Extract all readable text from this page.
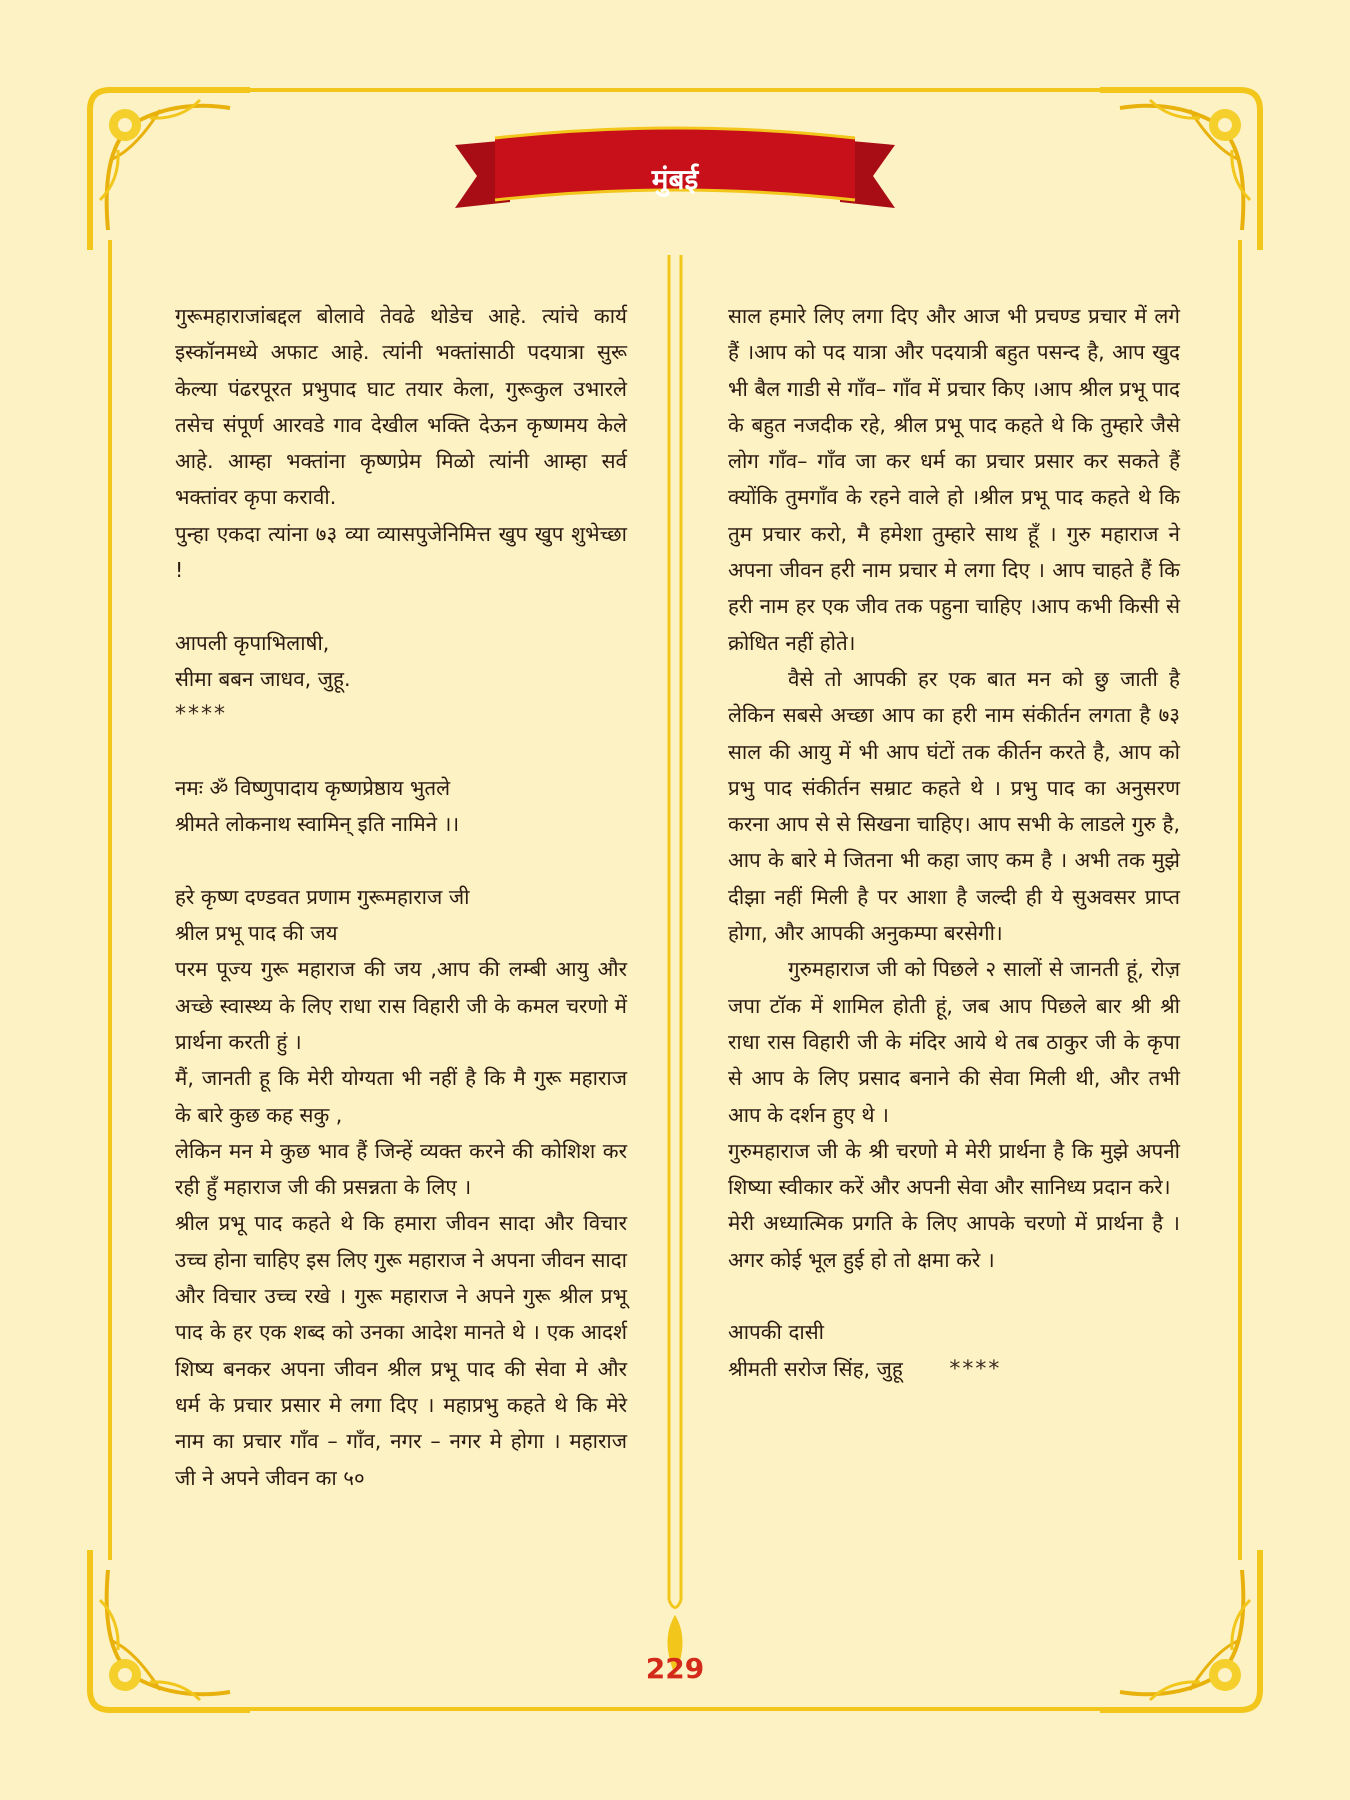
मुंबई

गुरूमहाराजांबद्दल बोलावे तेवढे थोडेच आहे. त्यांचे कार्य इस्कॉनमध्ये अफाट आहे. त्यांनी भक्तांसाठी पदयात्रा सुरू केल्या पंढरपूरत प्रभुपाद घाट तयार केला, गुरूकुल उभारले तसेच संपूर्ण आरवडे गाव देखील भक्ति देऊन कृष्णमय केले आहे. आम्हा भक्तांना कृष्णप्रेम मिळो त्यांनी आम्हा सर्व भक्तांवर कृपा करावी.

पुन्हा एकदा त्यांना ७३ व्या व्यासपुजेनिमित्त खुप खुप शुभेच्छा !

आपली कृपाभिलाषी,

सीमा बबन जाधव, जुहू.

****

नमः ॐ विष्णुपादाय कृष्णप्रेष्ठाय भुतले

श्रीमते लोकनाथ स्वामिन् इति नामिने ।।

हरे कृष्ण दण्डवत प्रणाम गुरूमहाराज जी

श्रील प्रभू पाद की जय

परम पूज्य गुरू महाराज की जय ,आप की लम्बी आयु और अच्छे स्वास्थ्य के लिए राधा रास विहारी जी के कमल चरणो में प्रार्थना करती हुं ।

मैं, जानती हू कि मेरी योग्यता भी नहीं है कि मै गुरू महाराज के बारे कुछ कह सकु ,

लेकिन मन मे कुछ भाव हैं जिन्हें व्यक्त करने की कोशिश कर रही हुँ महाराज जी की प्रसन्नता के लिए ।

श्रील प्रभू पाद कहते थे कि हमारा जीवन सादा और विचार उच्च होना चाहिए इस लिए गुरू महाराज ने अपना जीवन सादा और विचार उच्च रखे । गुरू महाराज ने अपने गुरू श्रील प्रभू पाद के हर एक शब्द को उनका आदेश मानते थे । एक आदर्श शिष्य बनकर अपना जीवन श्रील प्रभू पाद की सेवा मे और धर्म के प्रचार प्रसार मे लगा दिए । महाप्रभु कहते थे कि मेरे नाम का प्रचार गाँव – गाँव, नगर – नगर मे होगा । महाराज जी ने अपने जीवन का ५०

साल हमारे लिए लगा दिए और आज भी प्रचण्ड प्रचार में लगे हैं ।आप को पद यात्रा और पदयात्री बहुत पसन्द है, आप खुद भी बैल गाडी से गाँव– गाँव में प्रचार किए ।आप श्रील प्रभू पाद के बहुत नजदीक रहे, श्रील प्रभू पाद कहते थे कि तुम्हारे जैसे लोग गाँव– गाँव जा कर धर्म का प्रचार प्रसार कर सकते हैं क्योंकि तुमगाँव के रहने वाले हो ।श्रील प्रभू पाद कहते थे कि तुम प्रचार करो, मै हमेशा तुम्हारे साथ हूँ । गुरु महाराज ने अपना जीवन हरी नाम प्रचार मे लगा दिए । आप चाहते हैं कि हरी नाम हर एक जीव तक पहुना चाहिए ।आप कभी किसी से क्रोधित नहीं होते।

वैसे तो आपकी हर एक बात मन को छु जाती है लेकिन सबसे अच्छा आप का हरी नाम संकीर्तन लगता है ७३ साल की आयु में भी आप घंटों तक कीर्तन करते है, आप को प्रभु पाद संकीर्तन सम्राट कहते थे । प्रभु पाद का अनुसरण करना आप से से सिखना चाहिए। आप सभी के लाडले गुरु है, आप के बारे मे जितना भी कहा जाए कम है । अभी तक मुझे दीझा नहीं मिली है पर आशा है जल्दी ही ये सुअवसर प्राप्त होगा, और आपकी अनुकम्पा बरसेगी।

गुरुमहाराज जी को पिछले २ सालों से जानती हूं, रोज़ जपा टॉक में शामिल होती हूं, जब आप पिछले बार श्री श्री राधा रास विहारी जी के मंदिर आये थे तब ठाकुर जी के कृपा से आप के लिए प्रसाद बनाने की सेवा मिली थी, और तभी आप के दर्शन हुए थे ।

गुरुमहाराज जी के श्री चरणो मे मेरी प्रार्थना है कि मुझे अपनी शिष्या स्वीकार करें और अपनी सेवा और सानिध्य प्रदान करे।

मेरी अध्यात्मिक प्रगति के लिए आपके चरणो में प्रार्थना है ।अगर कोई भूल हुई हो तो क्षमा करे ।

आपकी दासी

श्रीमती सरोज सिंह, जुहू ****

229
